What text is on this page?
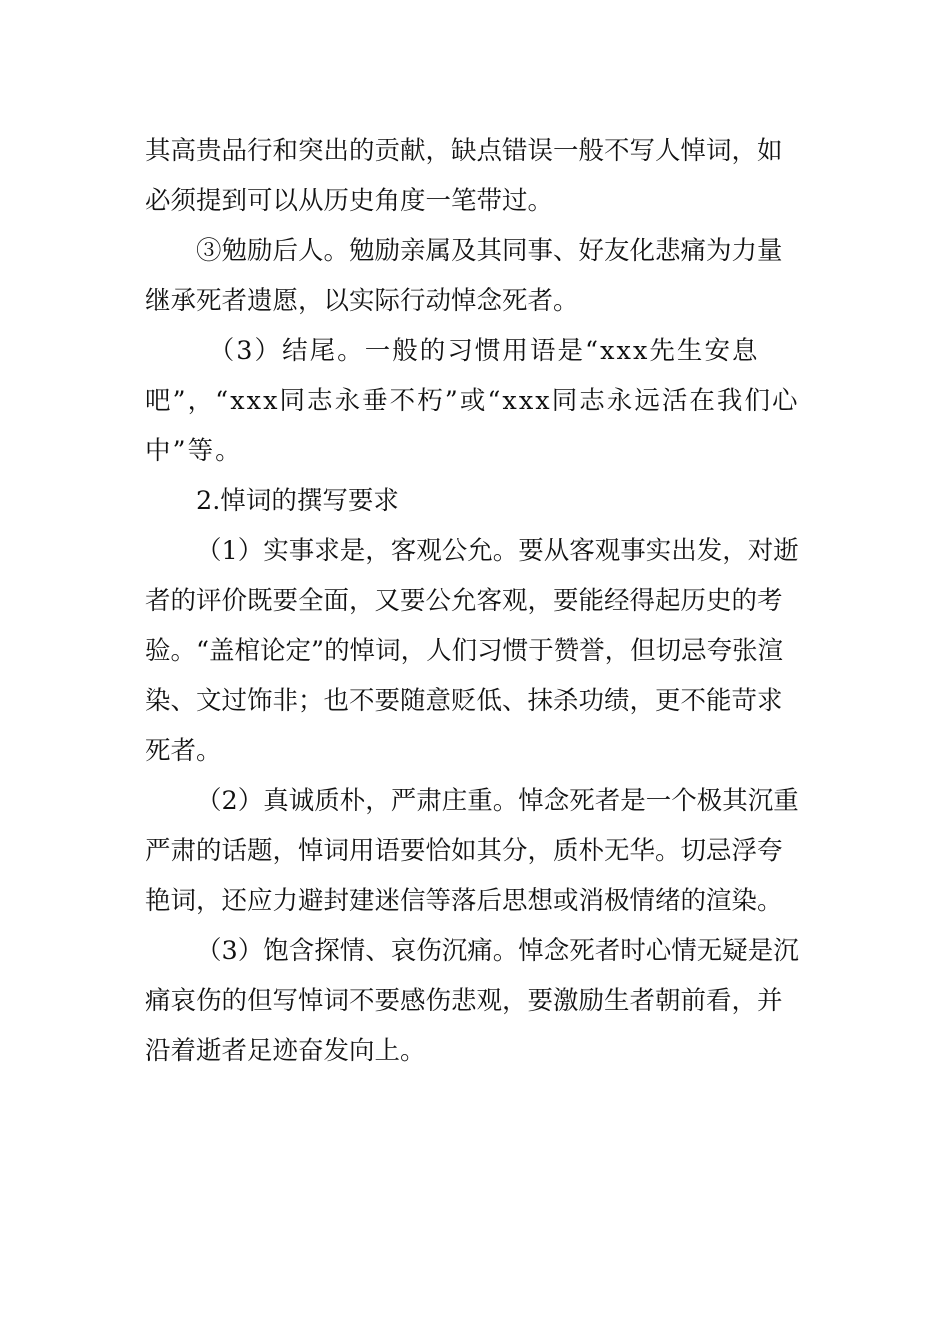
其高贵品行和突出的贡献，缺点错误一般不写人悼词，如必须提到可以从历史角度一笔带过。

③勉励后人。勉励亲属及其同事、好友化悲痛为力量继承死者遗愿，以实际行动悼念死者。

（3）结尾。一般的习惯用语是“xxx先生安息吧”，“xxx同志永垂不朽”或“xxx同志永远活在我们心中”等。

2.悼词的撰写要求

（1）实事求是，客观公允。要从客观事实出发，对逝者的评价既要全面，又要公允客观，要能经得起历史的考验。“盖棺论定”的悼词，人们习惯于赞誉，但切忌夸张渲染、文过饰非；也不要随意贬低、抹杀功绩，更不能苛求死者。

（2）真诚质朴，严肃庄重。悼念死者是一个极其沉重严肃的话题，悼词用语要恰如其分，质朴无华。切忌浮夸艳词，还应力避封建迷信等落后思想或消极情绪的渲染。

（3）饱含探情、哀伤沉痛。悼念死者时心情无疑是沉痛哀伤的但写悼词不要感伤悲观，要激励生者朝前看，并沿着逝者足迹奋发向上。
